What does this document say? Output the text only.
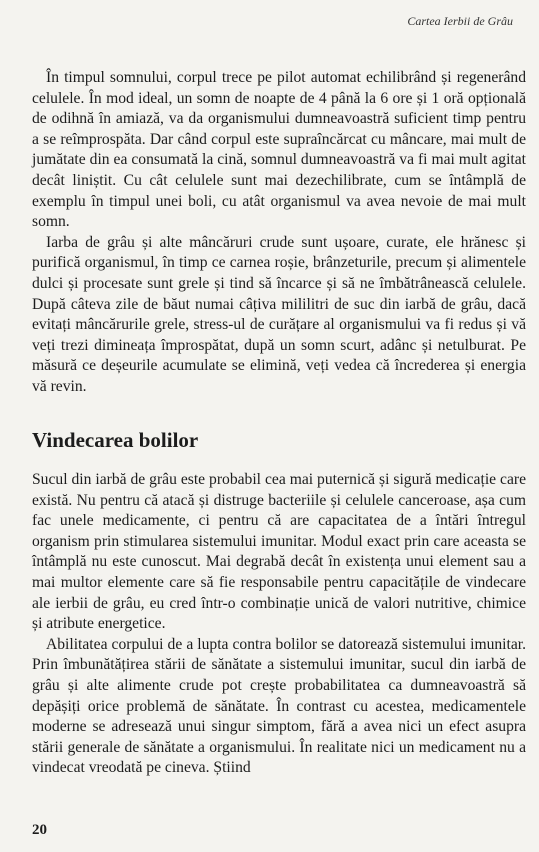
Cartea Ierbii de Grâu

În timpul somnului, corpul trece pe pilot automat echilibrând și regenerând celulele. În mod ideal, un somn de noapte de 4 până la 6 ore și 1 oră opțională de odihnă în amiază, va da organismului dumneavoastră suficient timp pentru a se reîmprospăta. Dar când corpul este supraîncărcat cu mâncare, mai mult de jumătate din ea consumată la cină, somnul dumneavoastră va fi mai mult agitat decât liniștit. Cu cât celulele sunt mai dezechilibrate, cum se întâmplă de exemplu în timpul unei boli, cu atât organismul va avea nevoie de mai mult somn.

Iarba de grâu și alte mâncăruri crude sunt ușoare, curate, ele hrănesc și purifică organismul, în timp ce carnea roșie, brânzeturile, precum și alimentele dulci și procesate sunt grele și tind să încarce și să ne îmbătrânească celulele. După câteva zile de băut numai câțiva mililitri de suc din iarbă de grâu, dacă evitați mâncărurile grele, stress-ul de curățare al organismului va fi redus și vă veți trezi dimineața împrospătat, după un somn scurt, adânc și netulburat. Pe măsură ce deșeurile acumulate se elimină, veți vedea că încrederea și energia vă revin.

Vindecarea bolilor

Sucul din iarbă de grâu este probabil cea mai puternică și sigură medicație care există. Nu pentru că atacă și distruge bacteriile și celulele canceroase, așa cum fac unele medicamente, ci pentru că are capacitatea de a întări întregul organism prin stimularea sistemului imunitar. Modul exact prin care aceasta se întâmplă nu este cunoscut. Mai degrabă decât în existența unui element sau a mai multor elemente care să fie responsabile pentru capacitățile de vindecare ale ierbii de grâu, eu cred într-o combinație unică de valori nutritive, chimice și atribute energetice.

Abilitatea corpului de a lupta contra bolilor se datorează sistemului imunitar. Prin îmbunătățirea stării de sănătate a sistemului imunitar, sucul din iarbă de grâu și alte alimente crude pot crește probabilitatea ca dumneavoastră să depășiți orice problemă de sănătate. În contrast cu acestea, medicamentele moderne se adresează unui singur simptom, fără a avea nici un efect asupra stării generale de sănătate a organismului. În realitate nici un medicament nu a vindecat vreodată pe cineva. Știind

20
